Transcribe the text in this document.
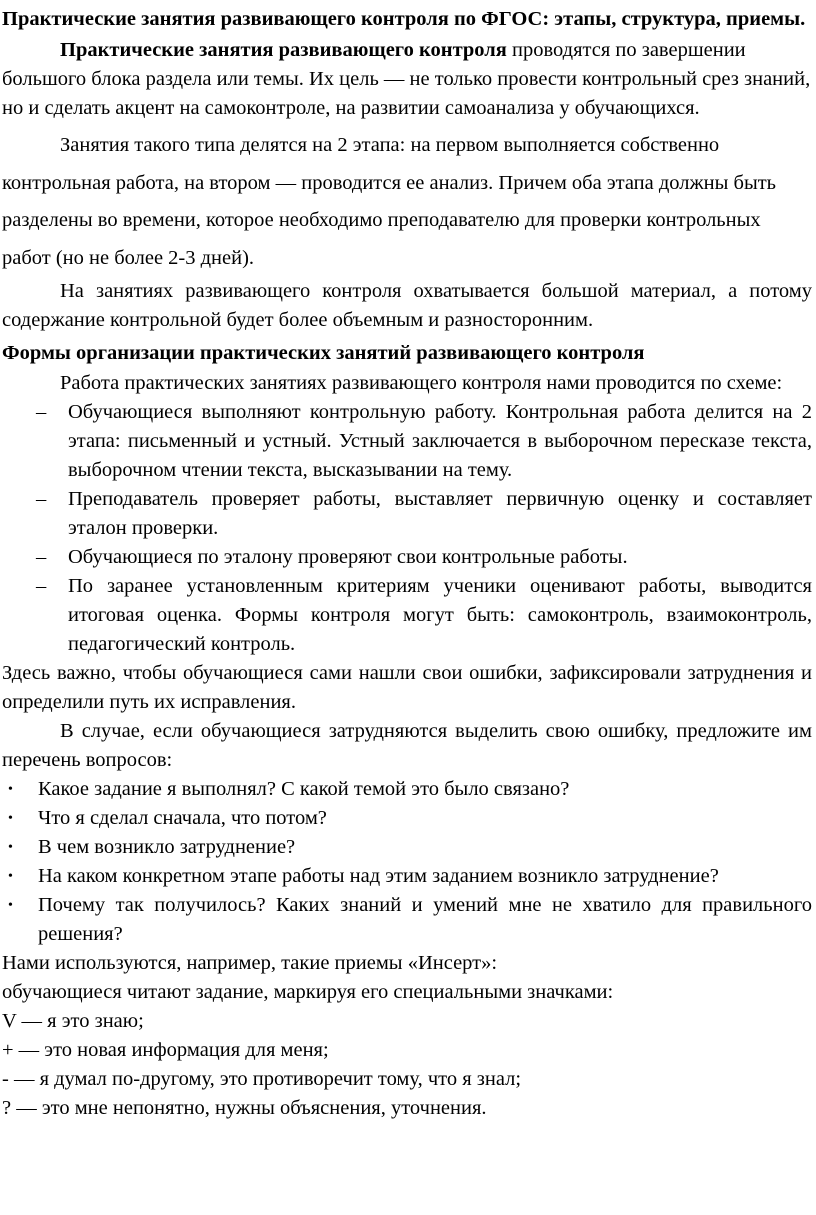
Практические занятия развивающего контроля по ФГОС: этапы, структура, приемы.

Практические занятия развивающего контроля проводятся по завершении большого блока раздела или темы. Их цель — не только провести контрольный срез знаний, но и сделать акцент на самоконтроле, на развитии самоанализа у обучающихся.

Занятия такого типа делятся на 2 этапа: на первом выполняется собственно контрольная работа, на втором — проводится ее анализ. Причем оба этапа должны быть разделены во времени, которое необходимо преподавателю для проверки контрольных работ (но не более 2-3 дней).

На занятиях развивающего контроля охватывается большой материал, а потому содержание контрольной будет более объемным и разносторонним.

Формы организации практических занятий развивающего контроля

Работа практических занятиях развивающего контроля нами проводится по схеме:

– Обучающиеся выполняют контрольную работу. Контрольная работа делится на 2 этапа: письменный и устный. Устный заключается в выборочном пересказе текста, выборочном чтении текста, высказывании на тему.
– Преподаватель проверяет работы, выставляет первичную оценку и составляет эталон проверки.
– Обучающиеся по эталону проверяют свои контрольные работы.
– По заранее установленным критериям ученики оценивают работы, выводится итоговая оценка. Формы контроля могут быть: самоконтроль, взаимоконтроль, педагогический контроль.

Здесь важно, чтобы обучающиеся сами нашли свои ошибки, зафиксировали затруднения и определили путь их исправления.

В случае, если обучающиеся затрудняются выделить свою ошибку, предложите им перечень вопросов:

• Какое задание я выполнял? С какой темой это было связано?
• Что я сделал сначала, что потом?
• В чем возникло затруднение?
• На каком конкретном этапе работы над этим заданием возникло затруднение?
• Почему так получилось? Каких знаний и умений мне не хватило для правильного решения?

Нами используются, например, такие приемы «Инсерт»:

обучающиеся читают задание, маркируя его специальными значками:

V — я это знаю;

+ — это новая информация для меня;

- — я думал по-другому, это противоречит тому, что я знал;

? — это мне непонятно, нужны объяснения, уточнения.
